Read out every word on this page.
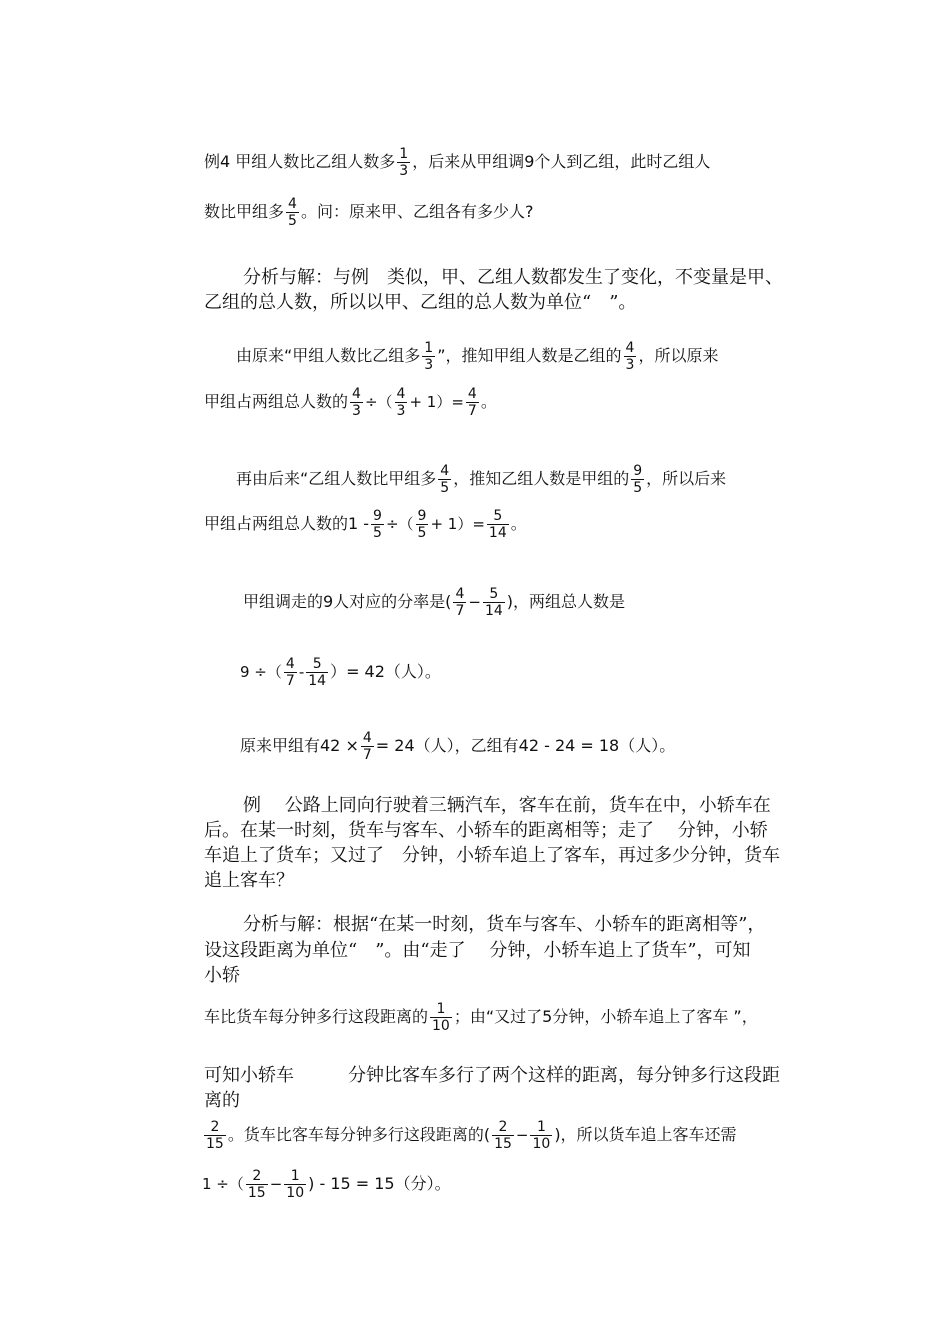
例4 甲组人数比乙组人数多 $\frac{1}{3}$ ，后来从甲组调9个人到乙组，此时乙组人
数比甲组多 $\frac{4}{5}$ 。问：原来甲、乙组各有多少人?
分析与解：与例　类似，甲、乙组人数都发生了变化，不变量是甲、
乙组的总人数，所以以甲、乙组的总人数为单位“　”。
由原来“甲组人数比乙组多 $\frac{1}{3}$ ”，推知甲组人数是乙组的 $\frac{4}{3}$ ，所以原来
甲组占两组总人数的 $\frac{4}{3}$ ÷（ $\frac{4}{3} + 1)= \frac{4}{7}$ 。
再由后来“乙组人数比甲组多 $\frac{4}{5}$ ，推知乙组人数是甲组的 $\frac{9}{5}$ ，所以后来
甲组占两组总人数的$1 - \frac{9}{5}$ ÷（ $\frac{9}{5} + 1)= \frac{5}{14}$ 。
甲组调走的9人对应的分率是( $\frac{4}{7} - \frac{5}{14}$ )，两组总人数是
9 ÷（ $\frac{4}{7} - \frac{5}{14}$ ）= 42（人）。
原来甲组有$42 \times \frac{4}{7} = 24$（人），乙组有42 - 24 = 18（人）。
例　 公路上同向行驶着三辆汽车，客车在前，货车在中，小轿车在
后。在某一时刻，货车与客车、小轿车的距离相等；走了　 分钟，小轿
车追上了货车；又过了　分钟，小轿车追上了客车，再过多少分钟，货车
追上客车？
分析与解：根据“在某一时刻，货车与客车、小轿车的距离相等”，
设这段距离为单位“　”。由“走了　 分钟，小轿车追上了货车”，可知
小轿
车比货车每分钟多行这段距离的 $\frac{1}{10}$ ；由“又过了5分钟，小轿车追上了客车 ”，
可知小轿车　　　分钟比客车多行了两个这样的距离，每分钟多行这段距
离的
$\frac{2}{15}$ 。货车比客车每分钟多行这段距离的( $\frac{2}{15} - \frac{1}{10}$ )，所以货车追上客车还需
1 ÷（ $\frac{2}{15} - \frac{1}{10}$ ) - 15 = 15（分）。
